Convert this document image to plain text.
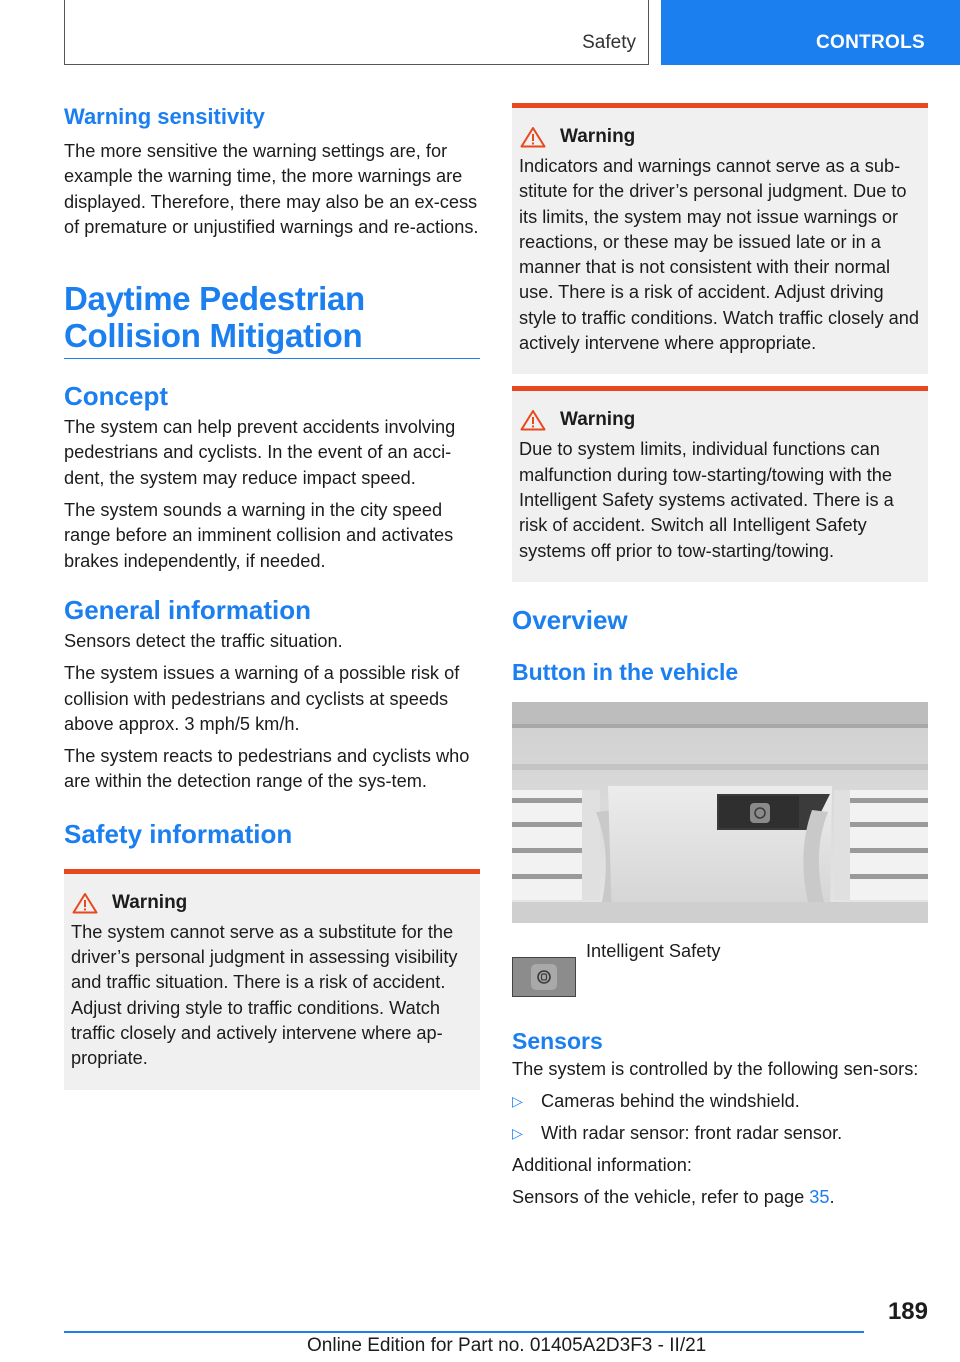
Safety	CONTROLS
Warning sensitivity
The more sensitive the warning settings are, for example the warning time, the more warnings are displayed. Therefore, there may also be an ex-cess of premature or unjustified warnings and re-actions.
Daytime Pedestrian
Collision Mitigation
Concept
The system can help prevent accidents involving pedestrians and cyclists. In the event of an acci-dent, the system may reduce impact speed.
The system sounds a warning in the city speed range before an imminent collision and activates brakes independently, if needed.
General information
Sensors detect the traffic situation.
The system issues a warning of a possible risk of collision with pedestrians and cyclists at speeds above approx. 3 mph/5 km/h.
The system reacts to pedestrians and cyclists who are within the detection range of the sys-tem.
Safety information
Warning
The system cannot serve as a substitute for the driver’s personal judgment in assessing visibility and traffic situation. There is a risk of accident. Adjust driving style to traffic conditions. Watch traffic closely and actively intervene where ap-propriate.
Warning
Indicators and warnings cannot serve as a sub-stitute for the driver’s personal judgment. Due to its limits, the system may not issue warnings or reactions, or these may be issued late or in a manner that is not consistent with their normal use. There is a risk of accident. Adjust driving style to traffic conditions. Watch traffic closely and actively intervene where appropriate.
Warning
Due to system limits, individual functions can malfunction during tow-starting/towing with the Intelligent Safety systems activated. There is a risk of accident. Switch all Intelligent Safety systems off prior to tow-starting/towing.
Overview
Button in the vehicle
Intelligent Safety
Sensors
The system is controlled by the following sen-sors:
▷	Cameras behind the windshield.
▷	With radar sensor: front radar sensor.
Additional information:
Sensors of the vehicle, refer to page 35.
189
Online Edition for Part no. 01405A2D3F3 - II/21
